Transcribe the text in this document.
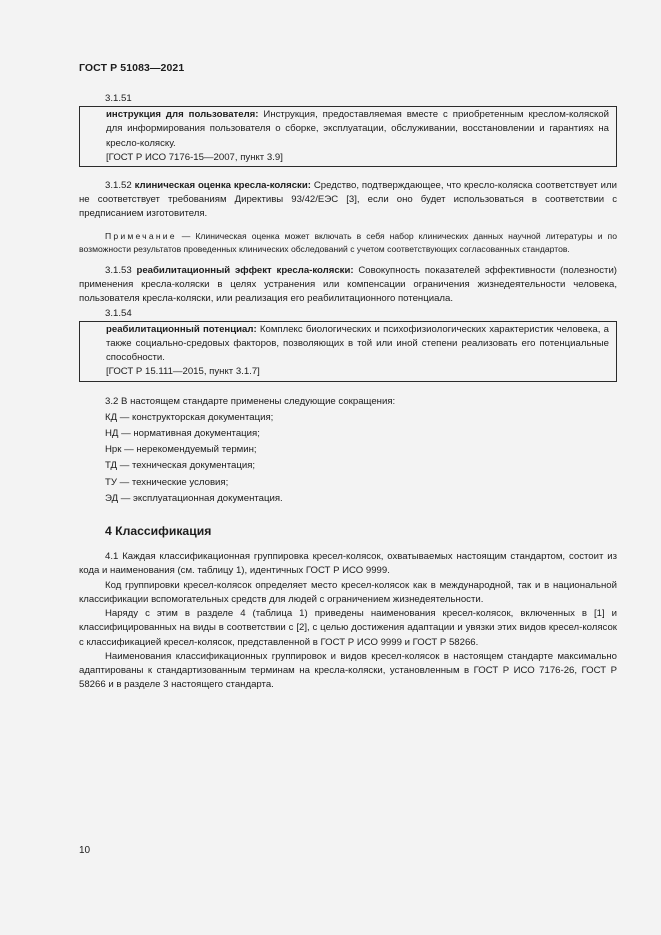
ГОСТ Р 51083—2021
3.1.51

инструкция для пользователя: Инструкция, предоставляемая вместе с приобретенным креслом-коляской для информирования пользователя о сборке, эксплуатации, обслуживании, восстановлении и гарантиях на кресло-коляску.

[ГОСТ Р ИСО 7176-15—2007, пункт 3.9]

3.1.52 клиническая оценка кресла-коляски: Средство, подтверждающее, что кресло-коляска соответствует или не соответствует требованиям Директивы 93/42/ЕЭС [3], если оно будет использоваться в соответствии с предписанием изготовителя.

Примечание — Клиническая оценка может включать в себя набор клинических данных научной литературы и по возможности результатов проведенных клинических обследований с учетом соответствующих согласованных стандартов.

3.1.53 реабилитационный эффект кресла-коляски: Совокупность показателей эффективности (полезности) применения кресла-коляски в целях устранения или компенсации ограничения жизнедеятельности человека, пользователя кресла-коляски, или реализация его реабилитационного потенциала.

3.1.54

реабилитационный потенциал: Комплекс биологических и психофизиологических характеристик человека, а также социально-средовых факторов, позволяющих в той или иной степени реализовать его потенциальные способности.

[ГОСТ Р 15.111—2015, пункт 3.1.7]

3.2 В настоящем стандарте применены следующие сокращения:

КД — конструкторская документация;

НД — нормативная документация;

Нрк — нерекомендуемый термин;

ТД — техническая документация;

ТУ — технические условия;

ЭД — эксплуатационная документация.

4 Классификация

4.1 Каждая классификационная группировка кресел-колясок, охватываемых настоящим стандартом, состоит из кода и наименования (см. таблицу 1), идентичных ГОСТ Р ИСО 9999.

Код группировки кресел-колясок определяет место кресел-колясок как в международной, так и в национальной классификации вспомогательных средств для людей с ограничением жизнедеятельности.

Наряду с этим в разделе 4 (таблица 1) приведены наименования кресел-колясок, включенных в [1] и классифицированных на виды в соответствии с [2], с целью достижения адаптации и увязки этих видов кресел-колясок с классификацией кресел-колясок, представленной в ГОСТ Р ИСО 9999 и ГОСТ Р 58266.

Наименования классификационных группировок и видов кресел-колясок в настоящем стандарте максимально адаптированы к стандартизованным терминам на кресла-коляски, установленным в ГОСТ Р ИСО 7176-26, ГОСТ Р 58266 и в разделе 3 настоящего стандарта.

10
